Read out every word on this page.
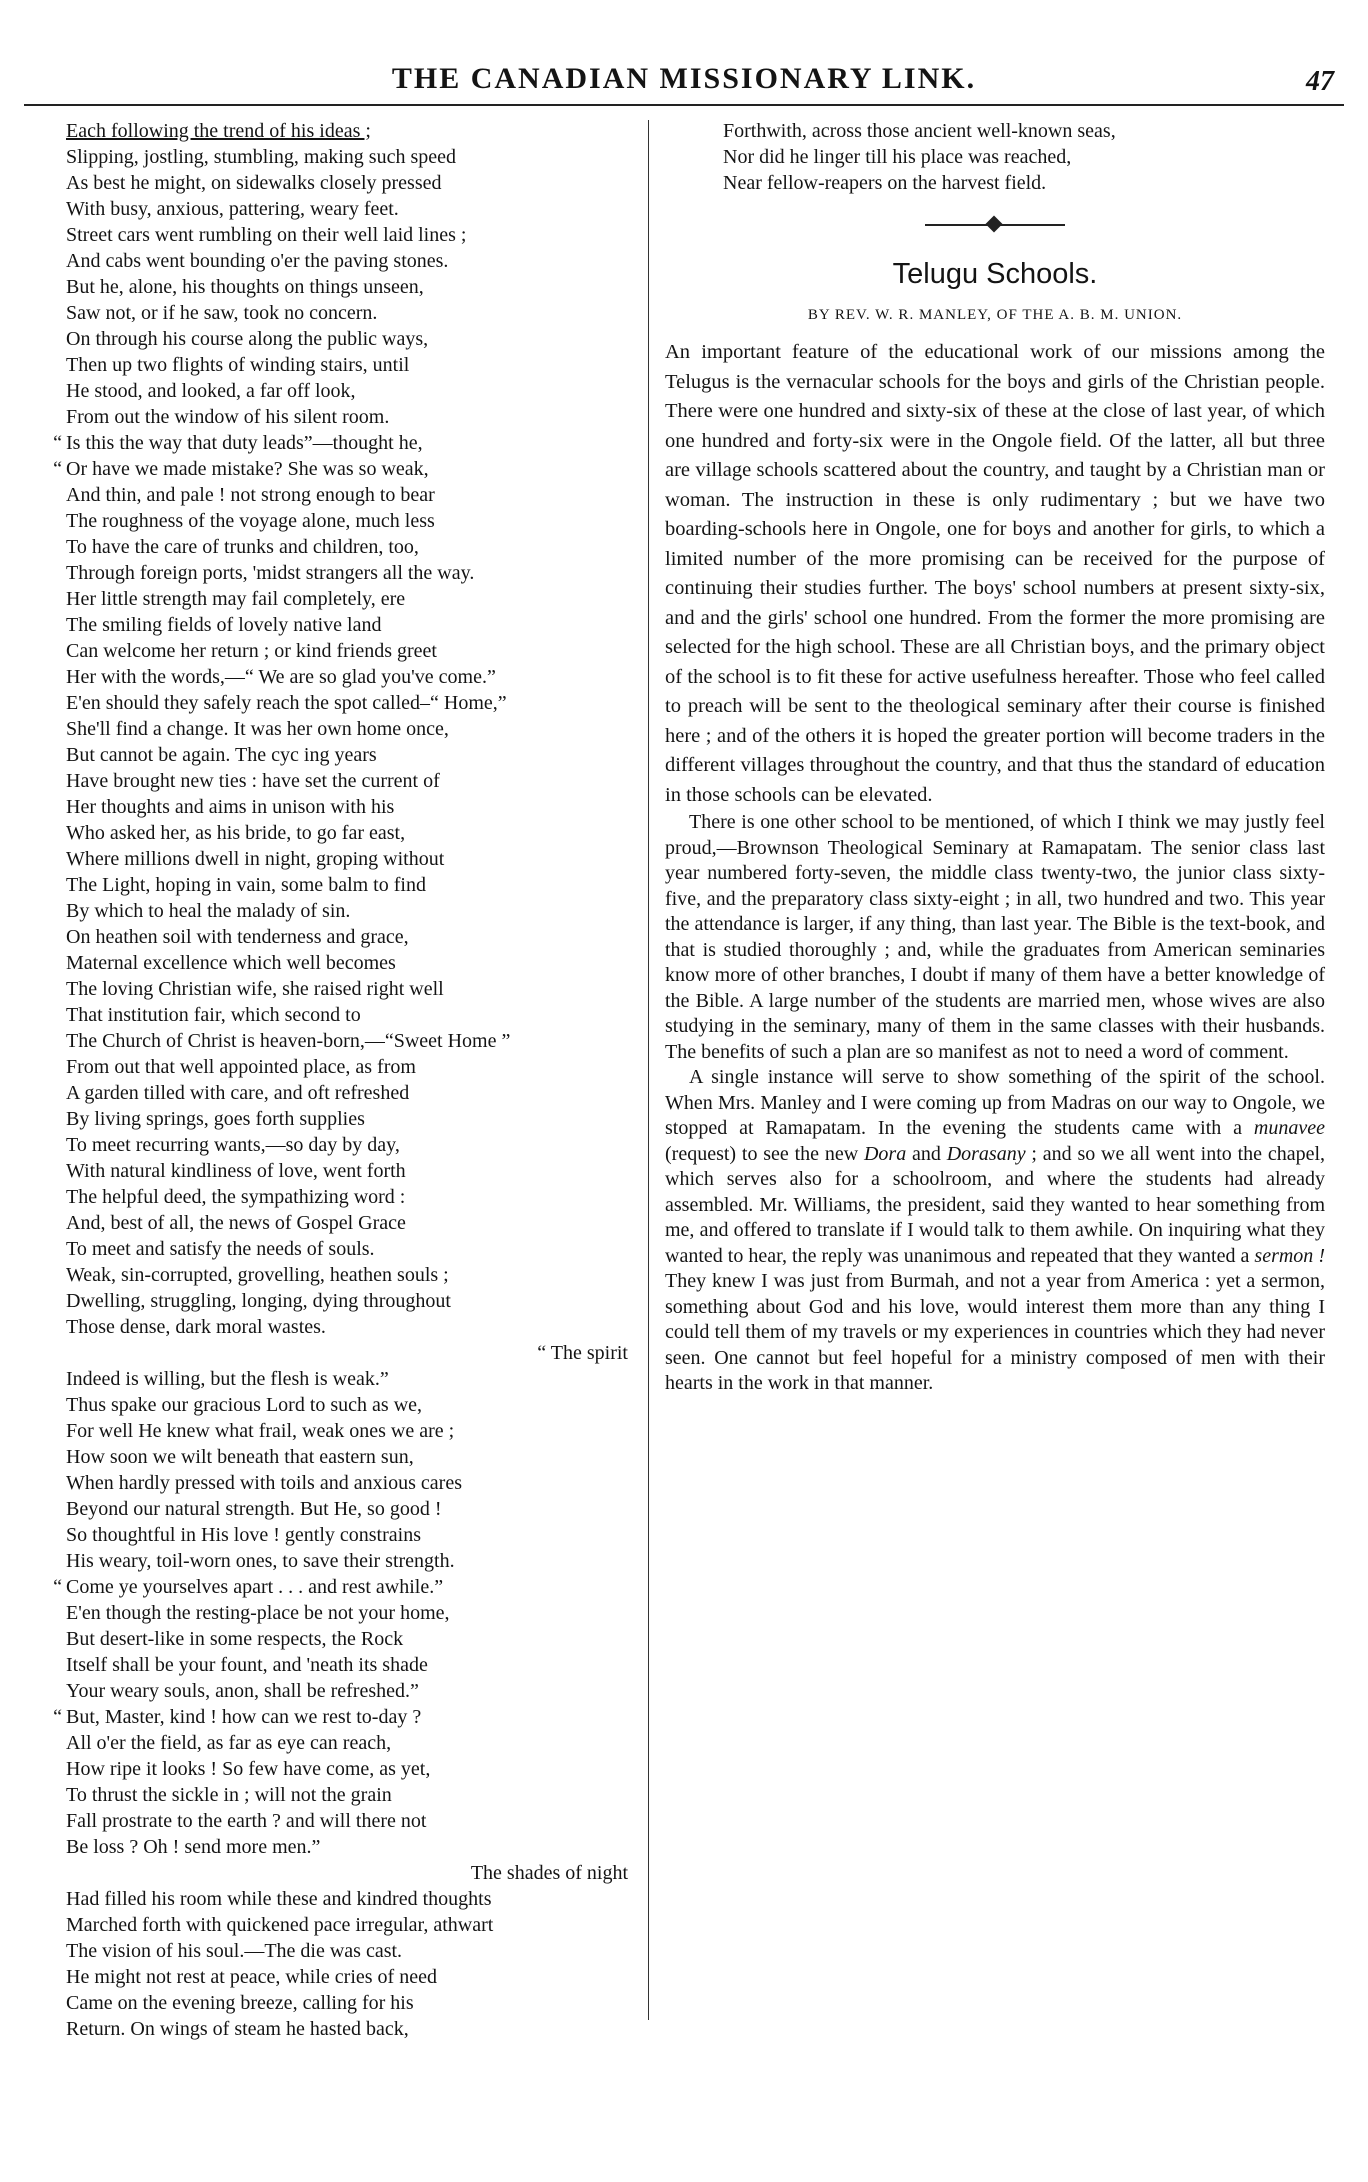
THE CANADIAN MISSIONARY LINK.	47
Each following the trend of his ideas ;
Slipping, jostling, stumbling, making such speed
As best he might, on sidewalks closely pressed
With busy, anxious, pattering, weary feet.
Street cars went rumbling on their well laid lines ;
And cabs went bounding o'er the paving stones.
But he, alone, his thoughts on things unseen,
Saw not, or if he saw, took no concern.
On through his course along the public ways,
Then up two flights of winding stairs, until
He stood, and looked, a far off look,
From out the window of his silent room.
“ Is this the way that duty leads”—thought he,
“ Or have we made mistake? She was so weak,
And thin, and pale ! not strong enough to bear
The roughness of the voyage alone, much less
To have the care of trunks and children, too,
Through foreign ports, 'midst strangers all the way.
Her little strength may fail completely, ere
The smiling fields of lovely native land
Can welcome her return ; or kind friends greet
Her with the words,—“ We are so glad you've come.”
E'en should they safely reach the spot called–“ Home,”
She'll find a change. It was her own home once,
But cannot be again. The cyc ing years
Have brought new ties : have set the current of
Her thoughts and aims in unison with his
Who asked her, as his bride, to go far east,
Where millions dwell in night, groping without
The Light, hoping in vain, some balm to find
By which to heal the malady of sin.
On heathen soil with tenderness and grace,
Maternal excellence which well becomes
The loving Christian wife, she raised right well
That institution fair, which second to
The Church of Christ is heaven-born,—“Sweet Home ”
From out that well appointed place, as from
A garden tilled with care, and oft refreshed
By living springs, goes forth supplies
To meet recurring wants,—so day by day,
With natural kindliness of love, went forth
The helpful deed, the sympathizing word :
And, best of all, the news of Gospel Grace
To meet and satisfy the needs of souls.
Weak, sin-corrupted, grovelling, heathen souls ;
Dwelling, struggling, longing, dying throughout
Those dense, dark moral wastes.
“ The spirit
Indeed is willing, but the flesh is weak.”
Thus spake our gracious Lord to such as we,
For well He knew what frail, weak ones we are ;
How soon we wilt beneath that eastern sun,
When hardly pressed with toils and anxious cares
Beyond our natural strength. But He, so good !
So thoughtful in His love ! gently constrains
His weary, toil-worn ones, to save their strength.
“ Come ye yourselves apart . . . and rest awhile.”
E'en though the resting-place be not your home,
But desert-like in some respects, the Rock
Itself shall be your fount, and 'neath its shade
Your weary souls, anon, shall be refreshed.”
“ But, Master, kind ! how can we rest to-day ?
All o'er the field, as far as eye can reach,
How ripe it looks ! So few have come, as yet,
To thrust the sickle in ; will not the grain
Fall prostrate to the earth ? and will there not
Be loss ? Oh ! send more men.”
The shades of night
Had filled his room while these and kindred thoughts
Marched forth with quickened pace irregular, athwart
The vision of his soul.—The die was cast.
He might not rest at peace, while cries of need
Came on the evening breeze, calling for his
Return. On wings of steam he hasted back,
Forthwith, across those ancient well-known seas,
Nor did he linger till his place was reached,
Near fellow-reapers on the harvest field.
Telugu Schools.
BY REV. W. R. MANLEY, OF THE A. B. M. UNION.

An important feature of the educational work of our missions among the Telugus is the vernacular schools for the boys and girls of the Christian people. There were one hundred and sixty-six of these at the close of last year, of which one hundred and forty-six were in the Ongole field. Of the latter, all but three are village schools scattered about the country, and taught by a Christian man or woman. The instruction in these is only rudimentary ; but we have two boarding-schools here in Ongole, one for boys and another for girls, to which a limited number of the more promising can be received for the purpose of continuing their studies further. The boys' school numbers at present sixty-six, and and the girls' school one hundred. From the former the more promising are selected for the high school. These are all Christian boys, and the primary object of the school is to fit these for active usefulness hereafter. Those who feel called to preach will be sent to the theological seminary after their course is finished here ; and of the others it is hoped the greater portion will become traders in the different villages throughout the country, and that thus the standard of education in those schools can be elevated.

There is one other school to be mentioned, of which I think we may justly feel proud,—Brownson Theological Seminary at Ramapatam. The senior class last year numbered forty-seven, the middle class twenty-two, the junior class sixty-five, and the preparatory class sixty-eight ; in all, two hundred and two. This year the attendance is larger, if any thing, than last year. The Bible is the text-book, and that is studied thoroughly ; and, while the graduates from American seminaries know more of other branches, I doubt if many of them have a better knowledge of the Bible. A large number of the students are married men, whose wives are also studying in the seminary, many of them in the same classes with their husbands. The benefits of such a plan are so manifest as not to need a word of comment.

A single instance will serve to show something of the spirit of the school. When Mrs. Manley and I were coming up from Madras on our way to Ongole, we stopped at Ramapatam. In the evening the students came with a munavee (request) to see the new Dora and Dorasany ; and so we all went into the chapel, which serves also for a schoolroom, and where the students had already assembled. Mr. Williams, the president, said they wanted to hear something from me, and offered to translate if I would talk to them awhile. On inquiring what they wanted to hear, the reply was unanimous and repeated that they wanted a sermon ! They knew I was just from Burmah, and not a year from America : yet a sermon, something about God and his love, would interest them more than any thing I could tell them of my travels or my experiences in countries which they had never seen. One cannot but feel hopeful for a ministry composed of men with their hearts in the work in that manner.
